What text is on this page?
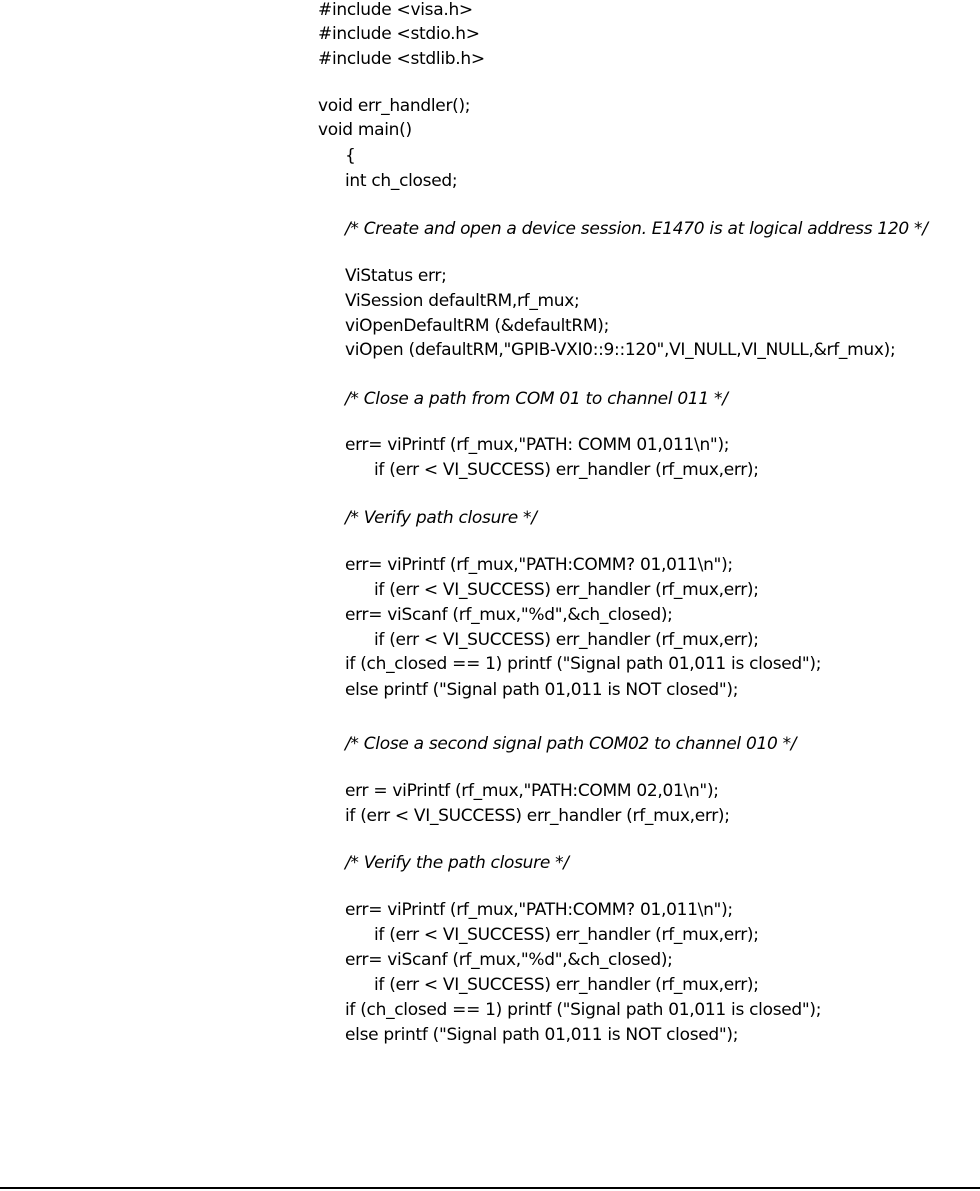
#include <visa.h>
#include <stdio.h>
#include <stdlib.h>
void err_handler();
void main()
{
int ch_closed;
/* Create and open a device session. E1470 is at logical address 120 */
ViStatus err;
ViSession defaultRM,rf_mux;
viOpenDefaultRM (&defaultRM);
viOpen (defaultRM,"GPIB-VXI0::9::120",VI_NULL,VI_NULL,&rf_mux);
/* Close a path from COM 01 to channel 011 */
err= viPrintf (rf_mux,"PATH: COMM 01,011\n");
if (err < VI_SUCCESS) err_handler (rf_mux,err);
/* Verify path closure */
err= viPrintf (rf_mux,"PATH:COMM? 01,011\n");
if (err < VI_SUCCESS) err_handler (rf_mux,err);
err= viScanf (rf_mux,"%d",&ch_closed);
if (err < VI_SUCCESS) err_handler (rf_mux,err);
if (ch_closed == 1) printf ("Signal path 01,011 is closed");
else printf ("Signal path 01,011 is NOT closed");
/* Close a second signal path COM02 to channel 010 */
err = viPrintf (rf_mux,"PATH:COMM 02,01\n");
if (err < VI_SUCCESS) err_handler (rf_mux,err);
/* Verify the path closure */
err= viPrintf (rf_mux,"PATH:COMM? 01,011\n");
if (err < VI_SUCCESS) err_handler (rf_mux,err);
err= viScanf (rf_mux,"%d",&ch_closed);
if (err < VI_SUCCESS) err_handler (rf_mux,err);
if (ch_closed == 1) printf ("Signal path 01,011 is closed");
else printf ("Signal path 01,011 is NOT closed");
